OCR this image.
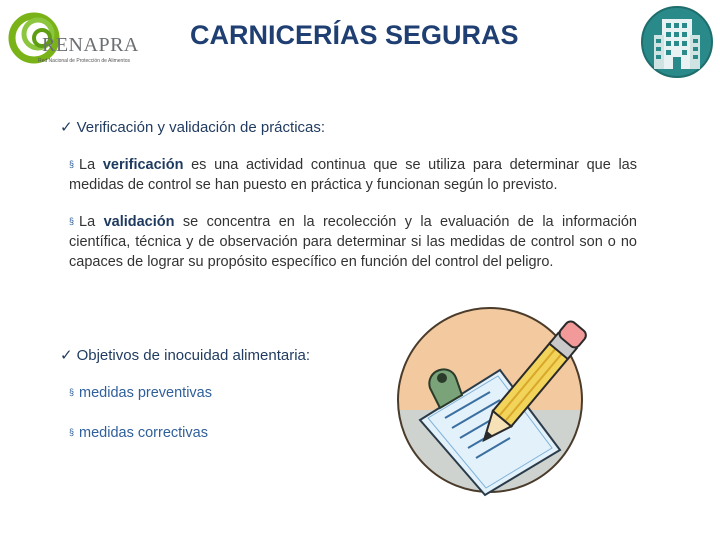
RENAPRA
Red Nacional de Protección de Alimentos
CARNICERÍAS SEGURAS
✓ Verificación y validación de prácticas:
§ La verificación es una actividad continua que se utiliza para determinar que las medidas de control se han puesto en práctica y funcionan según lo previsto.
§ La validación se concentra en la recolección y la evaluación de la información científica, técnica y de observación para determinar si las medidas de control son o no capaces de lograr su propósito específico en función del control del peligro.
✓ Objetivos de inocuidad alimentaria:
§ medidas preventivas
§ medidas correctivas
